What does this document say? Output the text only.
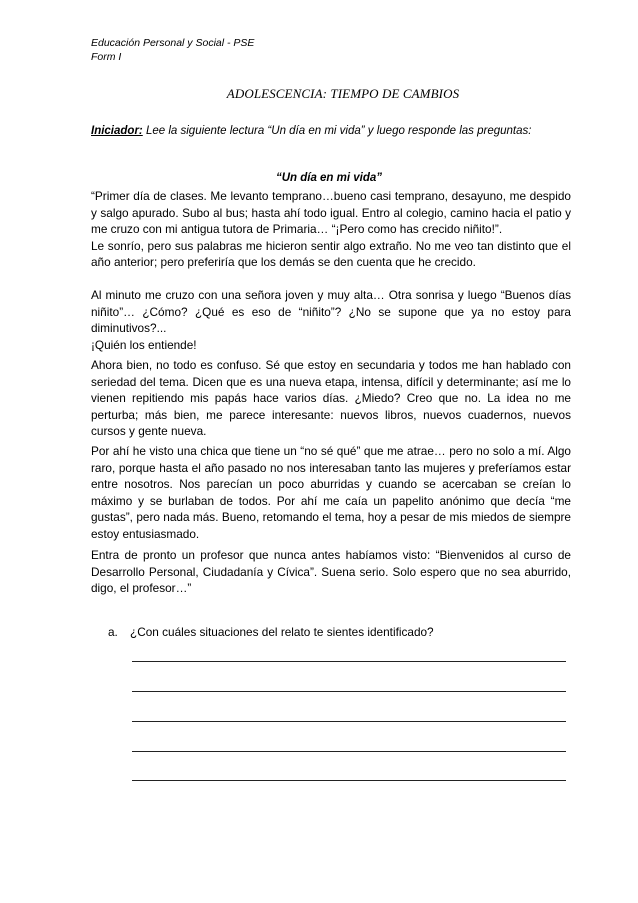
Educación Personal y Social - PSE
Form I
ADOLESCENCIA: TIEMPO DE CAMBIOS
Iniciador: Lee la siguiente lectura “Un día en mi vida” y luego responde las preguntas:
“Un día en mi vida”
“Primer día de clases. Me levanto temprano…bueno casi temprano, desayuno, me despido
y salgo apurado. Subo al bus; hasta ahí todo igual. Entro al colegio, camino hacia el patio y
me cruzo con mi antigua tutora de Primaria… “¡Pero como has crecido niñito!”.
Le sonrío, pero sus palabras me hicieron sentir algo extraño. No me veo tan distinto que el
año anterior; pero preferiría que los demás se den cuenta que he crecido.
Al minuto me cruzo con una señora joven y muy alta… Otra sonrisa y luego “Buenos días
niñito”… ¿Cómo? ¿Qué es eso de “niñito”? ¿No se supone que ya no estoy para
diminutivos?...
¡Quién los entiende!
Ahora bien, no todo es confuso. Sé que estoy en secundaria y todos me han hablado con
seriedad del tema. Dicen que es una nueva etapa, intensa, difícil y determinante; así me lo
vienen repitiendo mis papás hace varios días. ¿Miedo? Creo que no. La idea no me
perturba; más bien, me parece interesante: nuevos libros, nuevos cuadernos, nuevos
cursos y gente nueva.
Por ahí he visto una chica que tiene un “no sé qué” que me atrae… pero no solo a mí. Algo
raro, porque hasta el año pasado no nos interesaban tanto las mujeres y preferíamos estar
entre nosotros. Nos parecían un poco aburridas y cuando se acercaban se creían lo
máximo y se burlaban de todos. Por ahí me caía un papelito anónimo que decía “me
gustas”, pero nada más. Bueno, retomando el tema, hoy a pesar de mis miedos de siempre
estoy entusiasmado.
Entra de pronto un profesor que nunca antes habíamos visto: “Bienvenidos al curso de
Desarrollo Personal, Ciudadanía y Cívica”. Suena serio. Solo espero que no sea aburrido,
digo, el profesor…”
a. ¿Con cuáles situaciones del relato te sientes identificado?
